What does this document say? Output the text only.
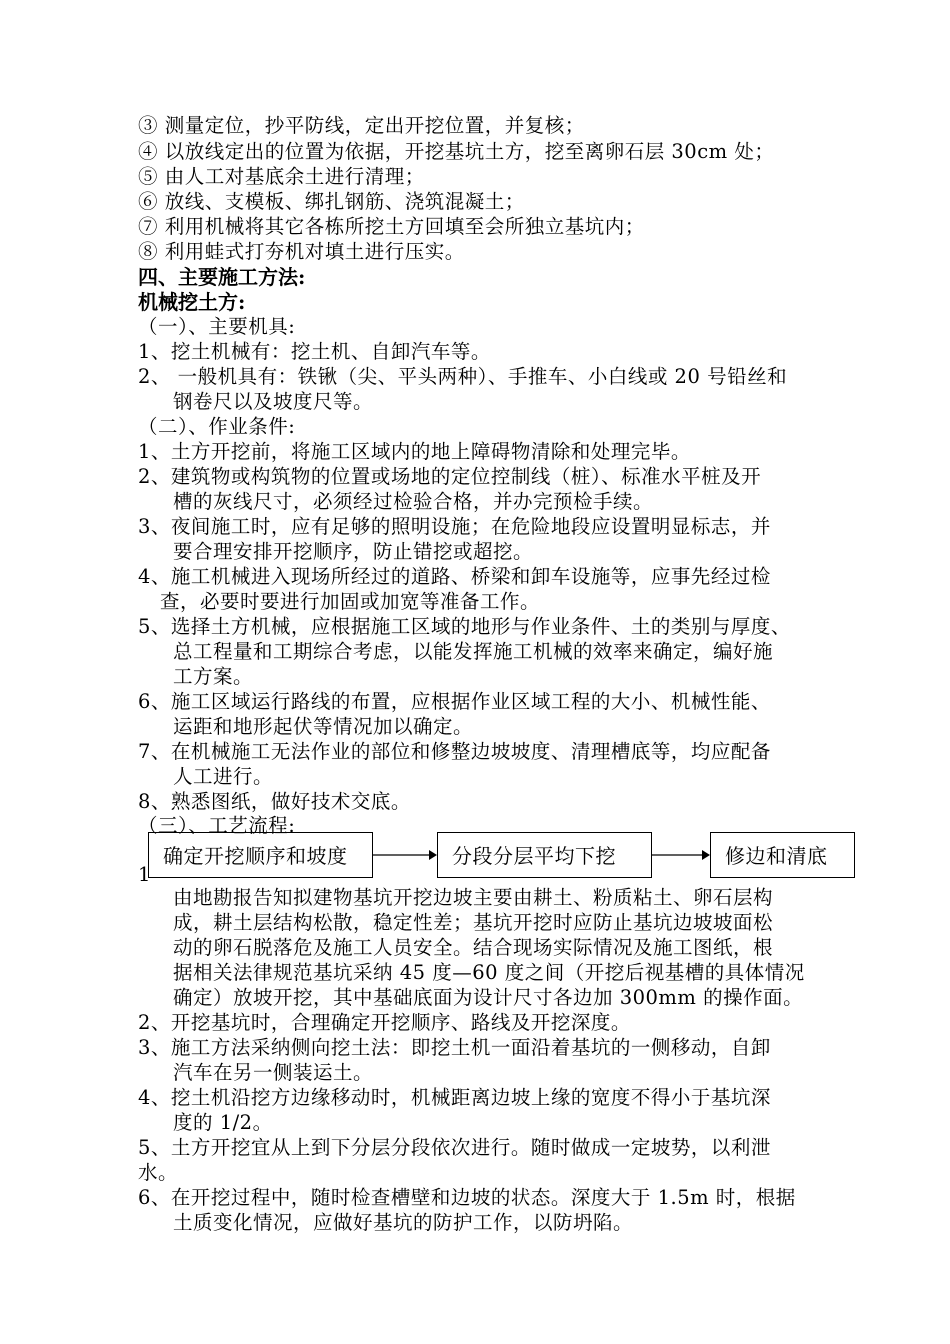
③ 测量定位，抄平防线，定出开挖位置，并复核；
④ 以放线定出的位置为依据，开挖基坑土方，挖至离卵石层 30cm 处；
⑤ 由人工对基底余土进行清理；
⑥ 放线、支模板、绑扎钢筋、浇筑混凝土；
⑦ 利用机械将其它各栋所挖土方回填至会所独立基坑内；
⑧ 利用蛙式打夯机对填土进行压实。
四、主要施工方法:
机械挖土方:
（一）、主要机具:
1、挖土机械有：挖土机、自卸汽车等。
2、 一般机具有：铁锹（尖、平头两种）、手推车、小白线或 20 号铅丝和
钢卷尺以及坡度尺等。
（二）、作业条件:
1、土方开挖前，将施工区域内的地上障碍物清除和处理完毕。
2、建筑物或构筑物的位置或场地的定位控制线（桩）、标准水平桩及开
槽的灰线尺寸，必须经过检验合格，并办完预检手续。
3、夜间施工时，应有足够的照明设施；在危险地段应设置明显标志，并
要合理安排开挖顺序，防止错挖或超挖。
4、施工机械进入现场所经过的道路、桥梁和卸车设施等，应事先经过检
查，必要时要进行加固或加宽等准备工作。
5、选择土方机械，应根据施工区域的地形与作业条件、土的类别与厚度、
总工程量和工期综合考虑，以能发挥施工机械的效率来确定，编好施
工方案。
6、施工区域运行路线的布置，应根据作业区域工程的大小、机械性能、
运距和地形起伏等情况加以确定。
7、在机械施工无法作业的部位和修整边坡坡度、清理槽底等，均应配备
人工进行。
8、熟悉图纸，做好技术交底。
（三）、工艺流程:
1
确定开挖顺序和坡度	分段分层平均下挖	修边和清底
由地勘报告知拟建物基坑开挖边坡主要由耕土、粉质粘土、卵石层构
成，耕土层结构松散，稳定性差；基坑开挖时应防止基坑边坡坡面松
动的卵石脱落危及施工人员安全。结合现场实际情况及施工图纸，根
据相关法律规范基坑采纳 45 度—60 度之间（开挖后视基槽的具体情况
确定）放坡开挖，其中基础底面为设计尺寸各边加 300mm 的操作面。
2、开挖基坑时，合理确定开挖顺序、路线及开挖深度。
3、施工方法采纳侧向挖土法：即挖土机一面沿着基坑的一侧移动，自卸
汽车在另一侧装运土。
4、挖土机沿挖方边缘移动时，机械距离边坡上缘的宽度不得小于基坑深
度的 1/2。
5、土方开挖宜从上到下分层分段依次进行。随时做成一定坡势，以利泄
水。
6、在开挖过程中，随时检查槽壁和边坡的状态。深度大于 1.5m 时，根据
土质变化情况，应做好基坑的防护工作，以防坍陷。
